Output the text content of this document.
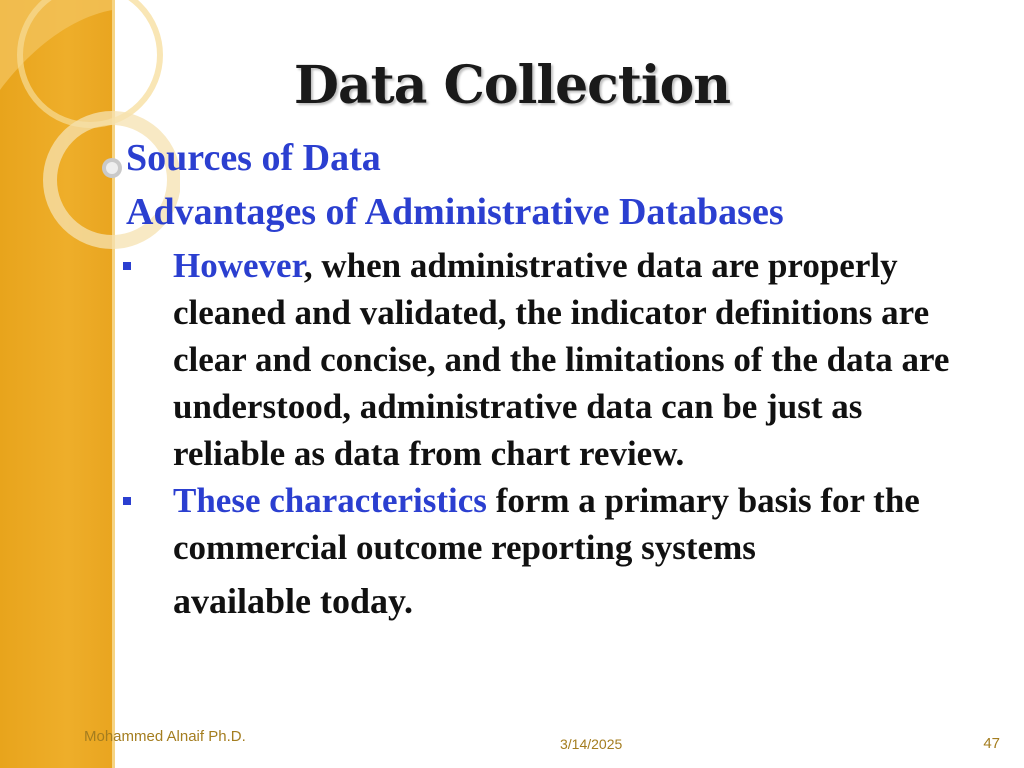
Data Collection
Sources of Data
Advantages of Administrative Databases
However, when administrative data are properly cleaned and validated, the indicator definitions are clear and concise, and the limitations of the data are understood, administrative data can be just as reliable as data from chart review.
These characteristics form a primary basis for the commercial outcome reporting systems
available today.
Mohammed Alnaif Ph.D.	3/14/2025	47
